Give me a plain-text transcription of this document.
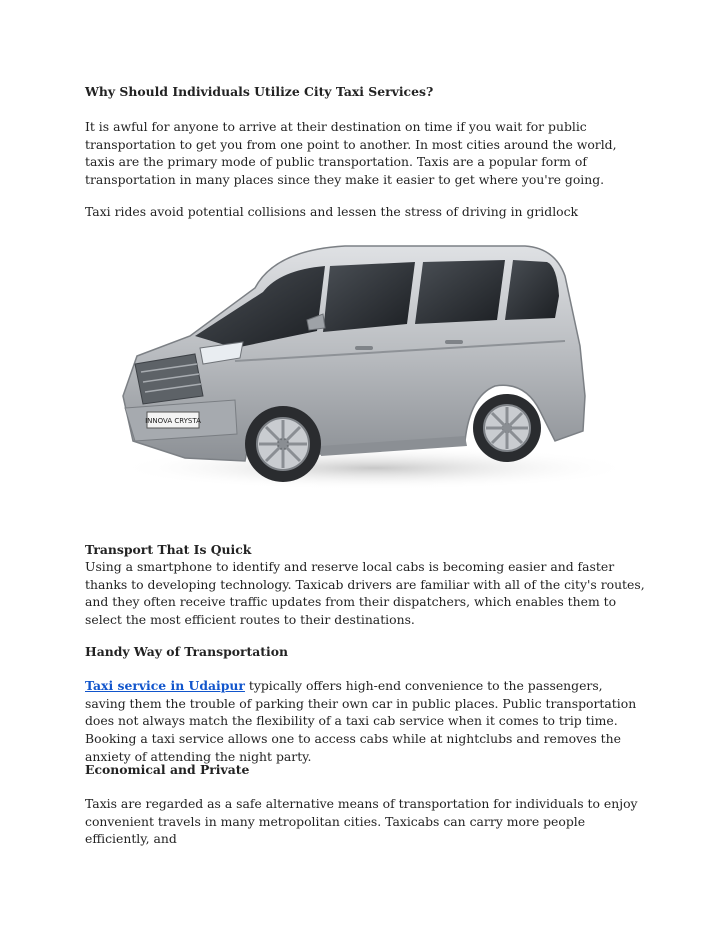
Why Should Individuals Utilize City Taxi Services?
It is awful for anyone to arrive at their destination on time if you wait for public transportation to get you from one point to another. In most cities around the world, taxis are the primary mode of public transportation. Taxis are a popular form of transportation in many places since they make it easier to get where you're going.
Taxi rides avoid potential collisions and lessen the stress of driving in gridlock
INNOVA CRYSTA
Transport That Is Quick
Using a smartphone to identify and reserve local cabs is becoming easier and faster thanks to developing technology. Taxicab drivers are familiar with all of the city's routes, and they often receive traffic updates from their dispatchers, which enables them to select the most efficient routes to their destinations.
Handy Way of Transportation
Taxi service in Udaipur typically offers high-end convenience to the passengers, saving them the trouble of parking their own car in public places. Public transportation does not always match the flexibility of a taxi cab service when it comes to trip time. Booking a taxi service allows one to access cabs while at nightclubs and removes the anxiety of attending the night party.
Economical and Private
Taxis are regarded as a safe alternative means of transportation for individuals to enjoy convenient travels in many metropolitan cities. Taxicabs can carry more people efficiently, and
